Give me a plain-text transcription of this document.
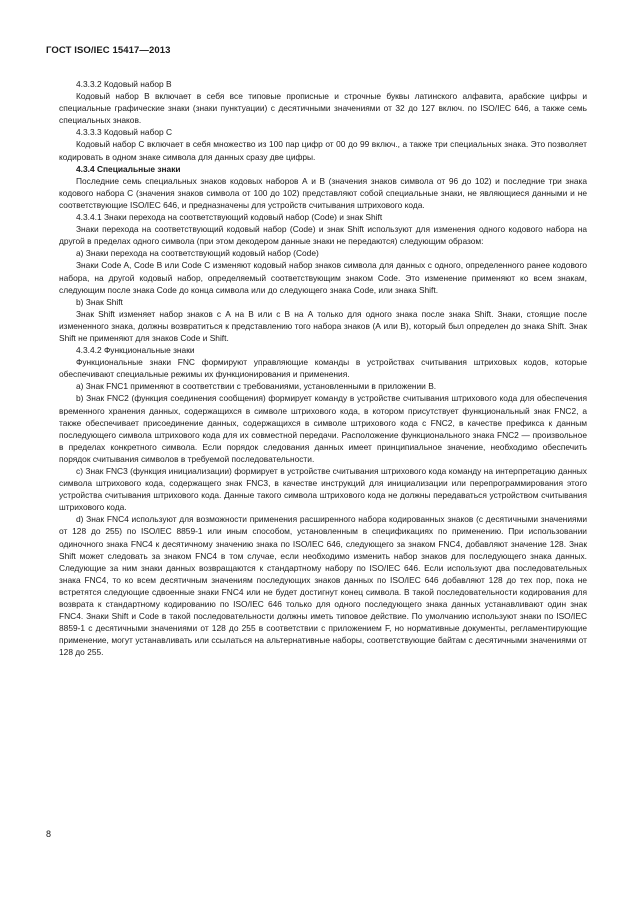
ГОСТ ISO/IEC 15417—2013

4.3.3.2 Кодовый набор В

Кодовый набор В включает в себя все типовые прописные и строчные буквы латинского алфавита, арабские цифры и специальные графические знаки (знаки пунктуации) с десятичными значениями от 32 до 127 включ. по ISO/IEC 646, а также семь специальных знаков.

4.3.3.3 Кодовый набор С

Кодовый набор С включает в себя множество из 100 пар цифр от 00 до 99 включ., а также три специальных знака. Это позволяет кодировать в одном знаке символа для данных сразу две цифры.

4.3.4 Специальные знаки

Последние семь специальных знаков кодовых наборов А и В (значения знаков символа от 96 до 102) и последние три знака кодового набора С (значения знаков символа от 100 до 102) представляют собой специальные знаки, не являющиеся данными и не соответствующие ISO/IEC 646, и предназначены для устройств считывания штрихового кода.

4.3.4.1 Знаки перехода на соответствующий кодовый набор (Code) и знак Shift

Знаки перехода на соответствующий кодовый набор (Code) и знак Shift используют для изменения одного кодового набора на другой в пределах одного символа (при этом декодером данные знаки не передаются) следующим образом:

а) Знаки перехода на соответствующий кодовый набор (Code)

Знаки Code A, Code B или Code C изменяют кодовый набор знаков символа для данных с одного, определенного ранее кодового набора, на другой кодовый набор, определяемый соответствующим знаком Code. Это изменение применяют ко всем знакам, следующим после знака Code до конца символа или до следующего знака Code, или знака Shift.

b) Знак Shift

Знак Shift изменяет набор знаков с А на В или с В на А только для одного знака после знака Shift. Знаки, стоящие после измененного знака, должны возвратиться к представлению того набора знаков (А или В), который был определен до знака Shift. Знак Shift не применяют для знаков Code и Shift.

4.3.4.2 Функциональные знаки

Функциональные знаки FNC формируют управляющие команды в устройствах считывания штриховых кодов, которые обеспечивают специальные режимы их функционирования и применения.

а) Знак FNC1 применяют в соответствии с требованиями, установленными в приложении В.

b) Знак FNC2 (функция соединения сообщения) формирует команду в устройстве считывания штрихового кода для обеспечения временного хранения данных, содержащихся в символе штрихового кода, в котором присутствует функциональный знак FNC2, а также обеспечивает присоединение данных, содержащихся в символе штрихового кода с FNC2, в качестве префикса к данным последующего символа штрихового кода для их совместной передачи. Расположение функционального знака FNC2 — произвольное в пределах конкретного символа. Если порядок следования данных имеет принципиальное значение, необходимо обеспечить порядок считывания символов в требуемой последовательности.

с) Знак FNC3 (функция инициализации) формирует в устройстве считывания штрихового кода команду на интерпретацию данных символа штрихового кода, содержащего знак FNC3, в качестве инструкций для инициализации или перепрограммирования этого устройства считывания штрихового кода. Данные такого символа штрихового кода не должны передаваться устройством считывания штрихового кода.

d) Знак FNC4 используют для возможности применения расширенного набора кодированных знаков (с десятичными значениями от 128 до 255) по ISO/IEC 8859-1 или иным способом, установленным в спецификациях по применению. При использовании одиночного знака FNC4 к десятичному значению знака по ISO/IEC 646, следующего за знаком FNC4, добавляют значение 128. Знак Shift может следовать за знаком FNC4 в том случае, если необходимо изменить набор знаков для последующего знака данных. Следующие за ним знаки данных возвращаются к стандартному набору по ISO/IEC 646. Если используют два последовательных знака FNC4, то ко всем десятичным значениям последующих знаков данных по ISO/IEC 646 добавляют 128 до тех пор, пока не встретятся следующие сдвоенные знаки FNC4 или не будет достигнут конец символа. В такой последовательности кодирования для возврата к стандартному кодированию по ISO/IEC 646 только для одного последующего знака данных устанавливают один знак FNC4. Знаки Shift и Code в такой последовательности должны иметь типовое действие. По умолчанию используют знаки по ISO/IEC 8859-1 с десятичными значениями от 128 до 255 в соответствии с приложением F, но нормативные документы, регламентирующие применение, могут устанавливать или ссылаться на альтернативные наборы, соответствующие байтам с десятичными значениями от 128 до 255.

8
